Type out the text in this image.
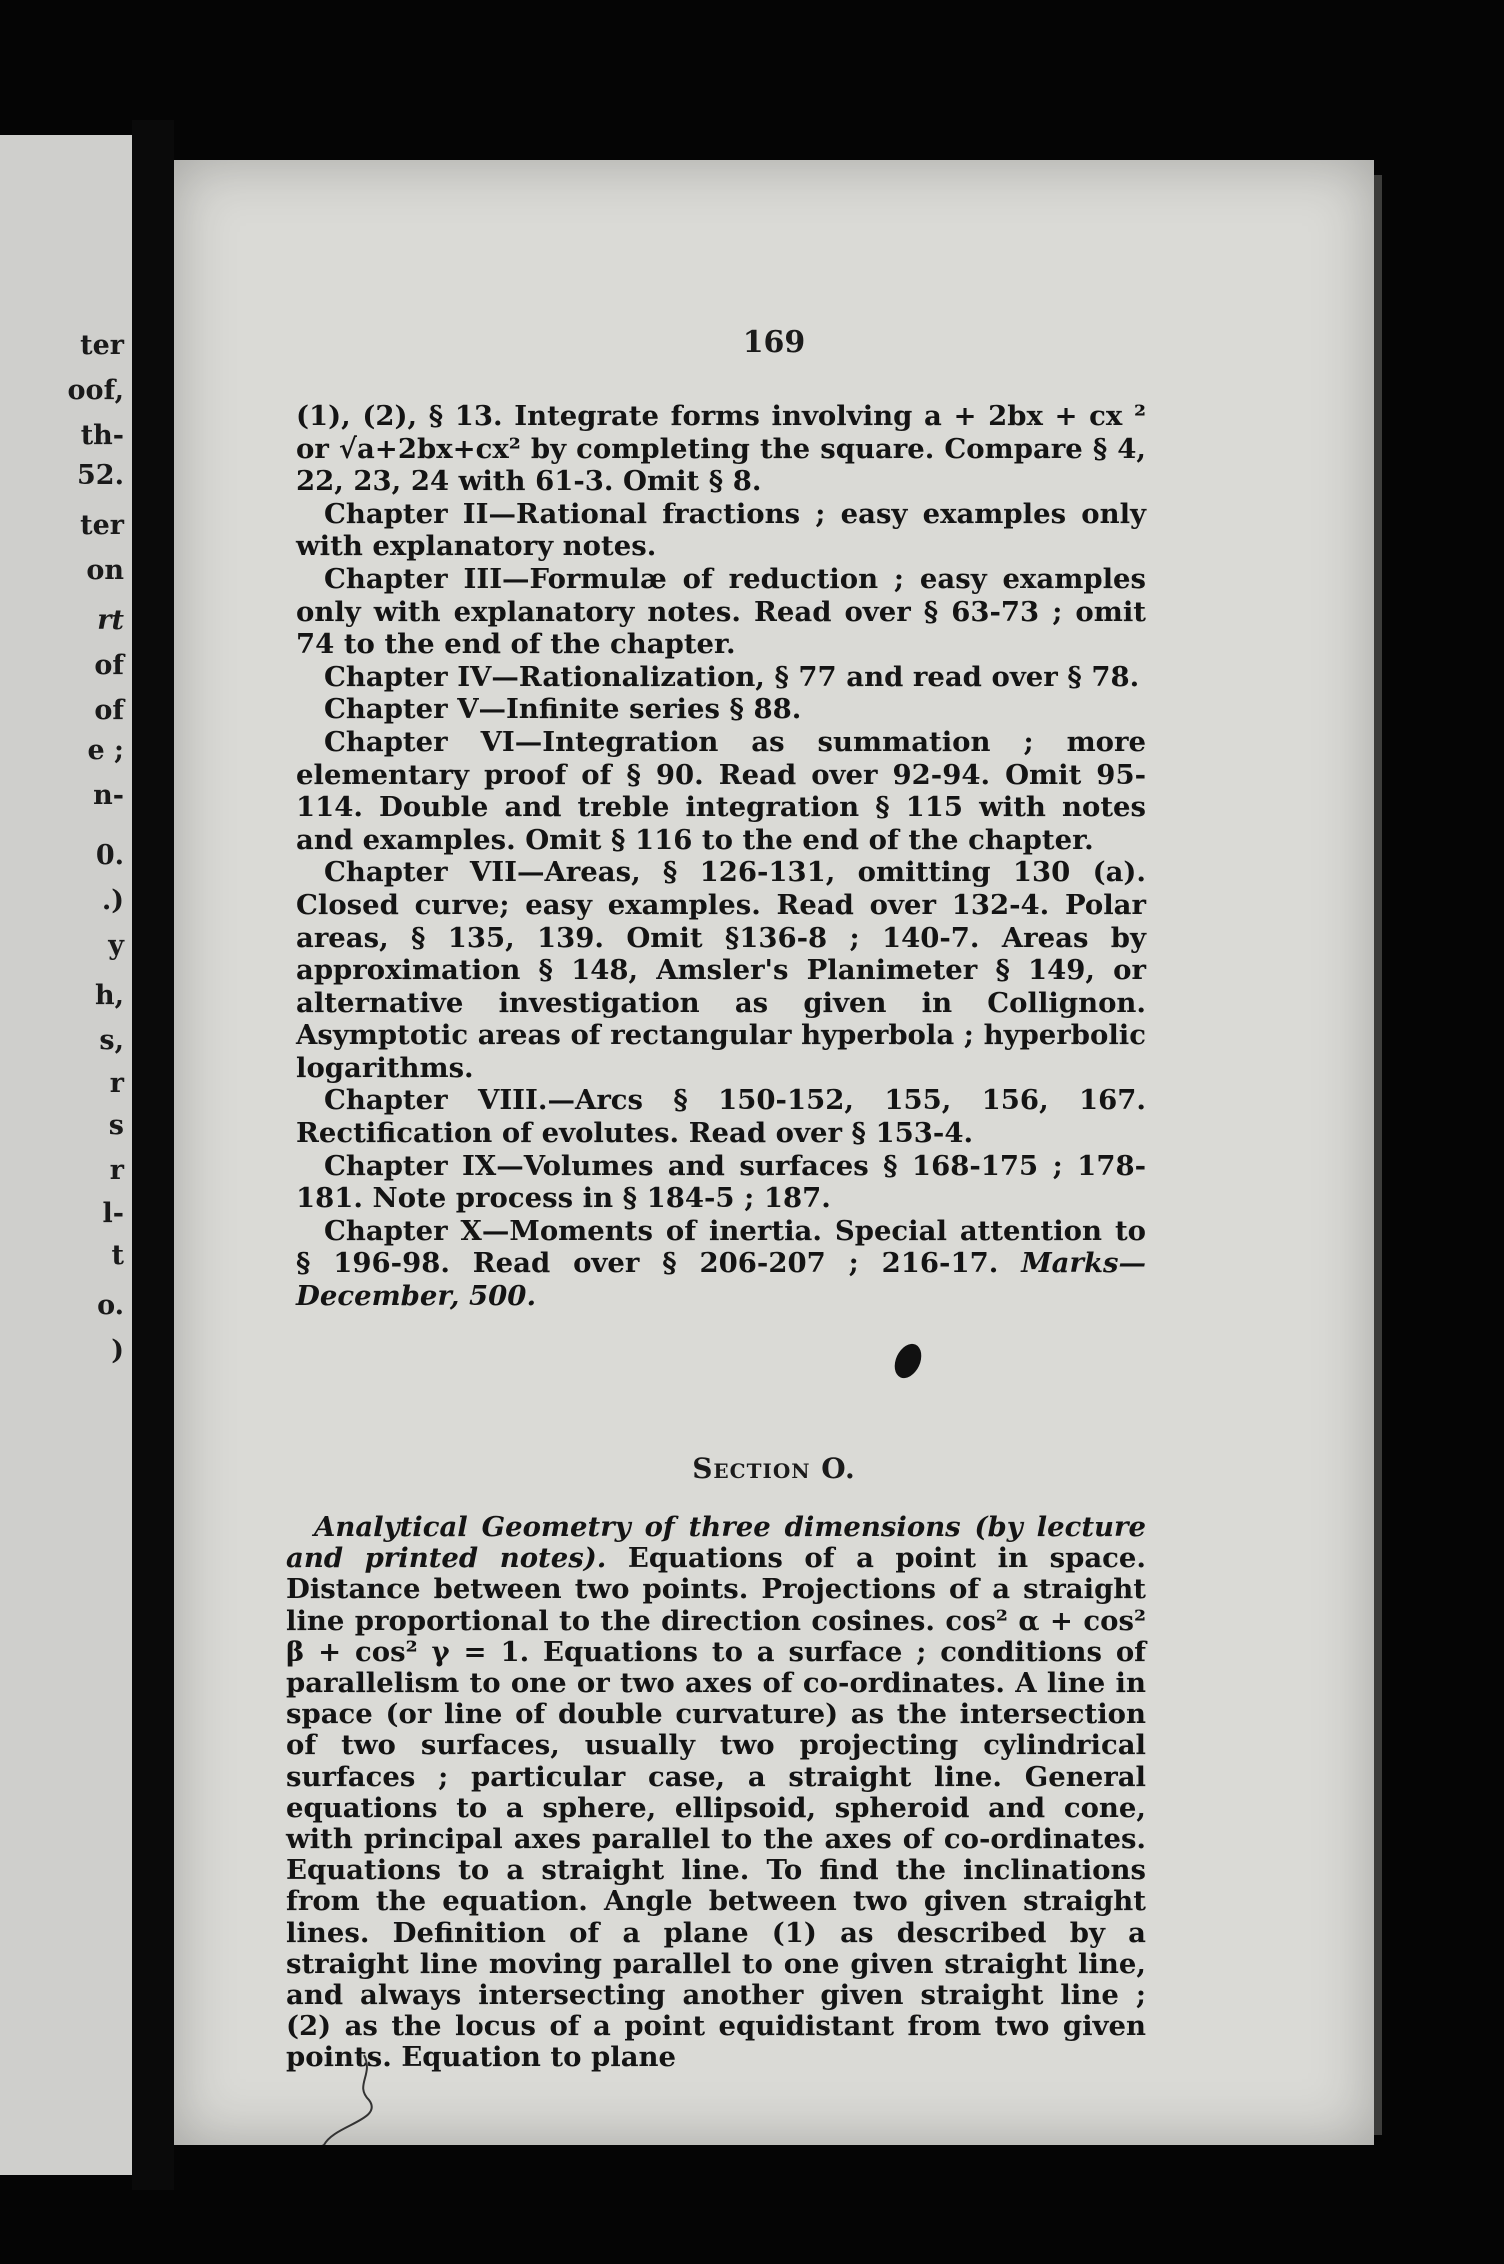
ter
oof,
th-
52.
ter
on
rt
of
of
e ;
n-
0.
.)
y
h,
s,
r
s
r
l-
t
o.
)
169

(1), (2), § 13. Integrate forms involving a + 2bx + cx ² or √a+2bx+cx² by completing the square. Compare § 4, 22, 23, 24 with 61-3. Omit § 8.

Chapter II—Rational fractions ; easy examples only with explanatory notes.

Chapter III—Formulæ of reduction ; easy examples only with explanatory notes. Read over § 63-73 ; omit 74 to the end of the chapter.

Chapter IV—Rationalization, § 77 and read over § 78.

Chapter V—Infinite series § 88.

Chapter VI—Integration as summation ; more elementary proof of § 90. Read over 92-94. Omit 95-114. Double and treble integration § 115 with notes and examples. Omit § 116 to the end of the chapter.

Chapter VII—Areas, § 126-131, omitting 130 (a). Closed curve; easy examples. Read over 132-4. Polar areas, § 135, 139. Omit §136-8 ; 140-7. Areas by approximation § 148, Amsler's Planimeter § 149, or alternative investigation as given in Collignon. Asymptotic areas of rectangular hyperbola ; hyperbolic logarithms.

Chapter VIII.—Arcs § 150-152, 155, 156, 167. Rectification of evolutes. Read over § 153-4.

Chapter IX—Volumes and surfaces § 168-175 ; 178-181. Note process in § 184-5 ; 187.

Chapter X—Moments of inertia. Special attention to § 196-98. Read over § 206-207 ; 216-17. Marks—December, 500.

Section O.

Analytical Geometry of three dimensions (by lecture and printed notes). Equations of a point in space. Distance between two points. Projections of a straight line proportional to the direction cosines. cos² α + cos² β + cos² γ = 1. Equations to a surface ; conditions of parallelism to one or two axes of co-ordinates. A line in space (or line of double curvature) as the intersection of two surfaces, usually two projecting cylindrical surfaces ; particular case, a straight line. General equations to a sphere, ellipsoid, spheroid and cone, with principal axes parallel to the axes of co-ordinates. Equations to a straight line. To find the inclinations from the equation. Angle between two given straight lines. Definition of a plane (1) as described by a straight line moving parallel to one given straight line, and always intersecting another given straight line ; (2) as the locus of a point equidistant from two given points. Equation to plane
